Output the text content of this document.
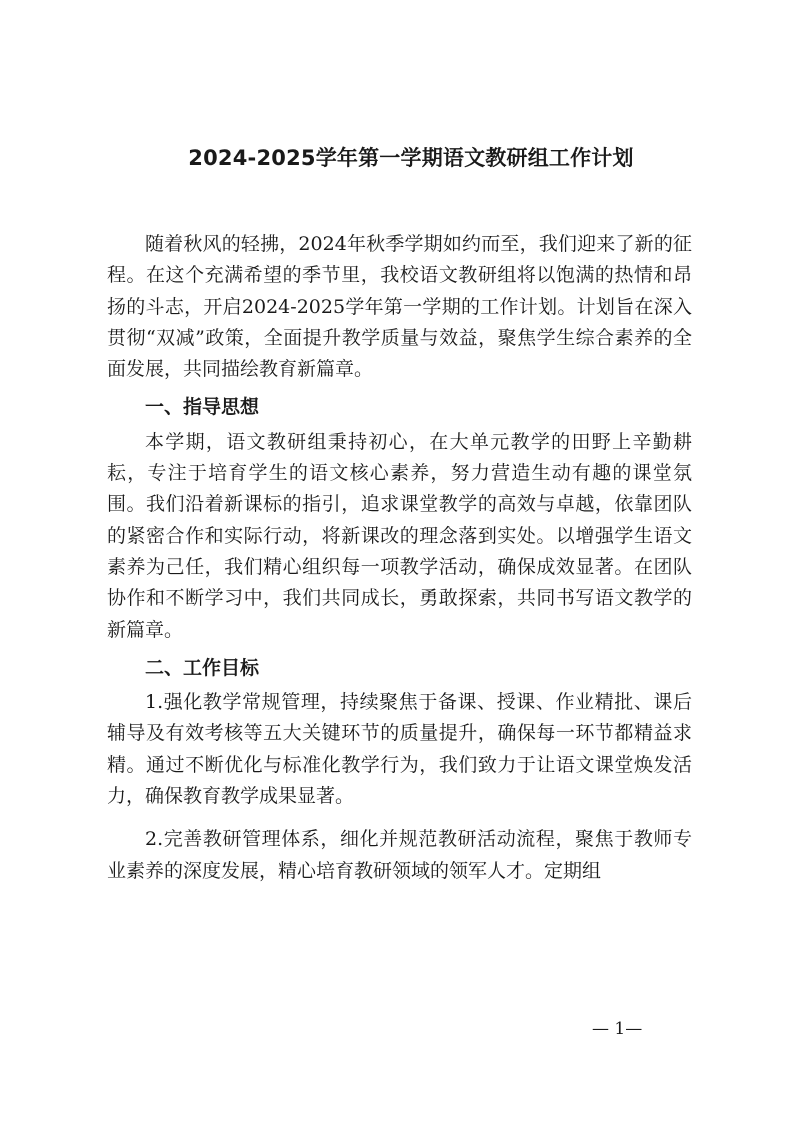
2024-2025学年第一学期语文教研组工作计划

随着秋风的轻拂，2024年秋季学期如约而至，我们迎来了新的征程。在这个充满希望的季节里，我校语文教研组将以饱满的热情和昂扬的斗志，开启2024-2025学年第一学期的工作计划。计划旨在深入贯彻“双减”政策，全面提升教学质量与效益，聚焦学生综合素养的全面发展，共同描绘教育新篇章。

一、指导思想

本学期，语文教研组秉持初心，在大单元教学的田野上辛勤耕耘，专注于培育学生的语文核心素养，努力营造生动有趣的课堂氛围。我们沿着新课标的指引，追求课堂教学的高效与卓越，依靠团队的紧密合作和实际行动，将新课改的理念落到实处。以增强学生语文素养为己任，我们精心组织每一项教学活动，确保成效显著。在团队协作和不断学习中，我们共同成长，勇敢探索，共同书写语文教学的新篇章。

二、工作目标

1.强化教学常规管理，持续聚焦于备课、授课、作业精批、课后辅导及有效考核等五大关键环节的质量提升，确保每一环节都精益求精。通过不断优化与标准化教学行为，我们致力于让语文课堂焕发活力，确保教育教学成果显著。

2.完善教研管理体系，细化并规范教研活动流程，聚焦于教师专业素养的深度发展，精心培育教研领域的领军人才。定期组

— 1—
